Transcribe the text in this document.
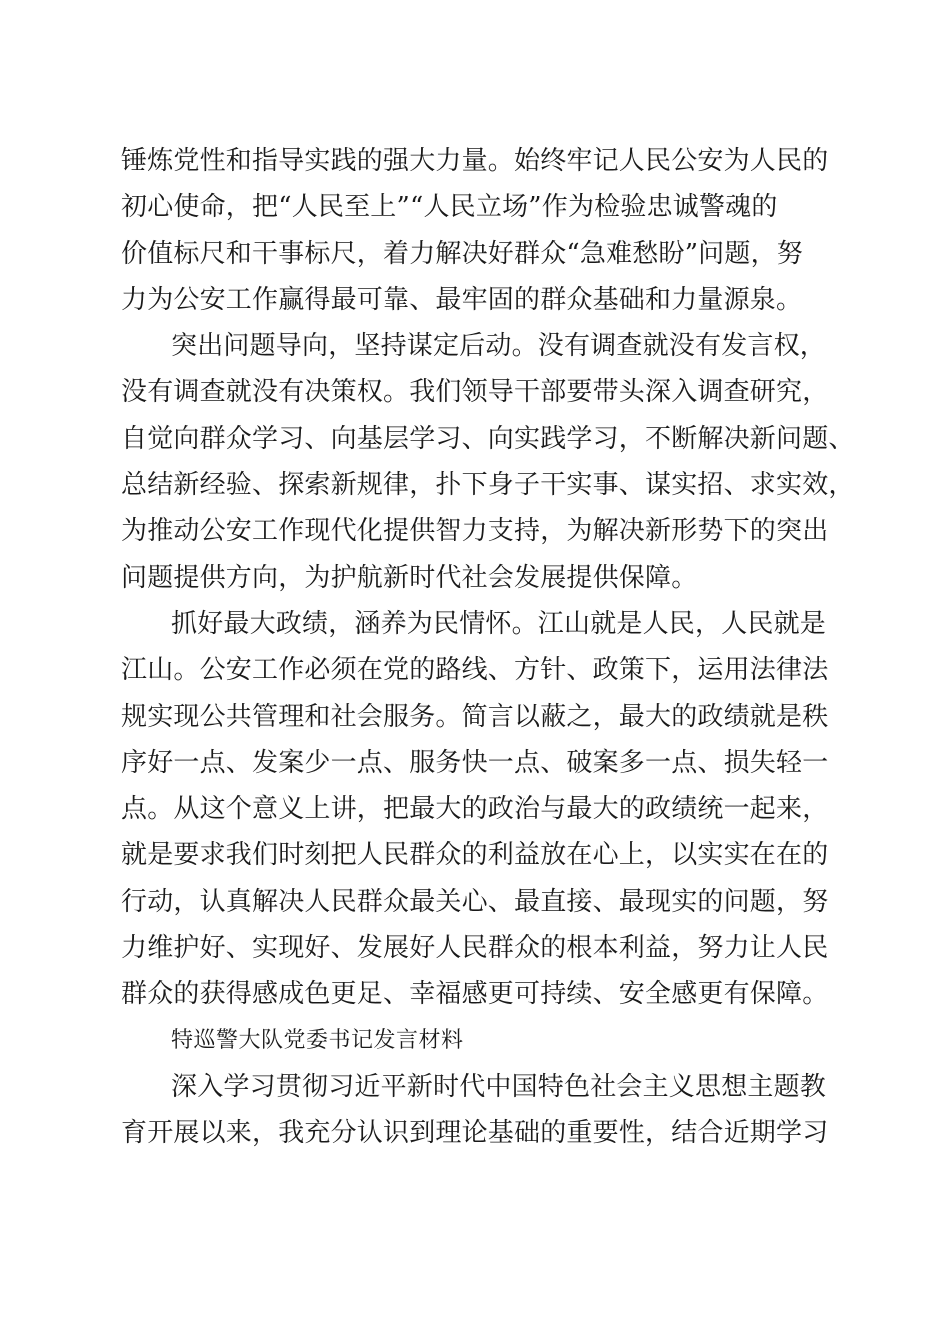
锤炼党性和指导实践的强大力量。始终牢记人民公安为人民的
初心使命，把“人民至上”“人民立场”作为检验忠诚警魂的
价值标尺和干事标尺，着力解决好群众“急难愁盼”问题，努
力为公安工作赢得最可靠、最牢固的群众基础和力量源泉。
突出问题导向，坚持谋定后动。没有调查就没有发言权，
没有调查就没有决策权。我们领导干部要带头深入调查研究，
自觉向群众学习、向基层学习、向实践学习，不断解决新问题、
总结新经验、探索新规律，扑下身子干实事、谋实招、求实效，
为推动公安工作现代化提供智力支持，为解决新形势下的突出
问题提供方向，为护航新时代社会发展提供保障。
抓好最大政绩，涵养为民情怀。江山就是人民，人民就是
江山。公安工作必须在党的路线、方针、政策下，运用法律法
规实现公共管理和社会服务。简言以蔽之，最大的政绩就是秩
序好一点、发案少一点、服务快一点、破案多一点、损失轻一
点。从这个意义上讲，把最大的政治与最大的政绩统一起来，
就是要求我们时刻把人民群众的利益放在心上，以实实在在的
行动，认真解决人民群众最关心、最直接、最现实的问题，努
力维护好、实现好、发展好人民群众的根本利益，努力让人民
群众的获得感成色更足、幸福感更可持续、安全感更有保障。
特巡警大队党委书记发言材料
深入学习贯彻习近平新时代中国特色社会主义思想主题教
育开展以来，我充分认识到理论基础的重要性，结合近期学习
